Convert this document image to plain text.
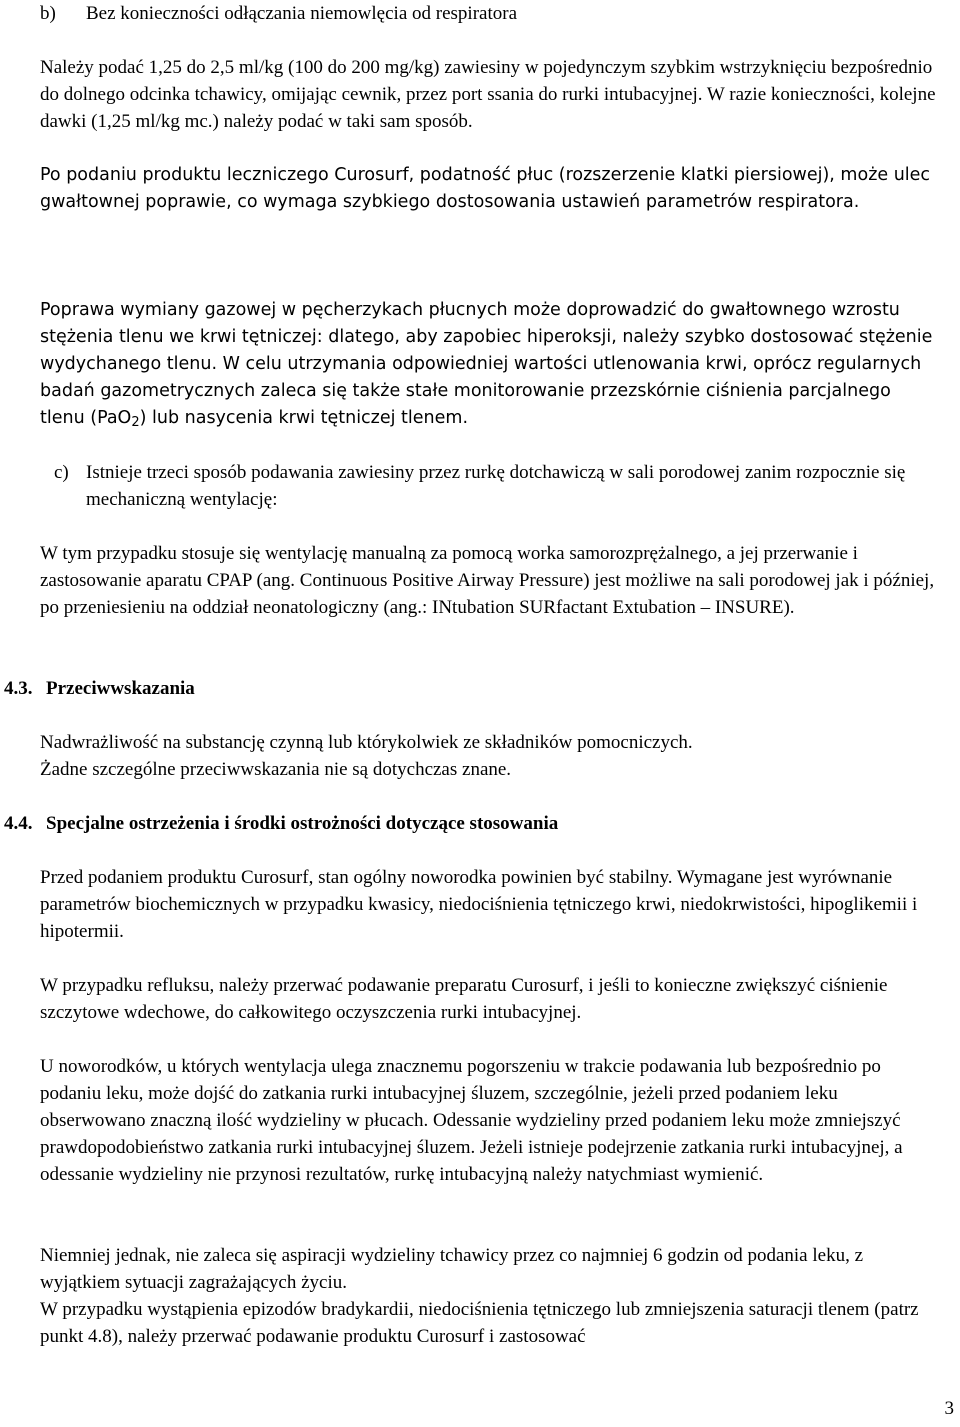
b) Bez konieczności odłączania niemowlęcia od respiratora

Należy podać 1,25 do 2,5 ml/kg (100 do 200 mg/kg) zawiesiny w pojedynczym szybkim wstrzyknięciu bezpośrednio do dolnego odcinka tchawicy, omijając cewnik, przez port ssania do rurki intubacyjnej. W razie konieczności, kolejne dawki (1,25 ml/kg mc.) należy podać w taki sam sposób.

Po podaniu produktu leczniczego Curosurf, podatność płuc (rozszerzenie klatki piersiowej), może ulec gwałtownej poprawie, co wymaga szybkiego dostosowania ustawień parametrów respiratora.

Poprawa wymiany gazowej w pęcherzykach płucnych może doprowadzić do gwałtownego wzrostu stężenia tlenu we krwi tętniczej: dlatego, aby zapobiec hiperoksji, należy szybko dostosować stężenie wydychanego tlenu. W celu utrzymania odpowiedniej wartości utlenowania krwi, oprócz regularnych badań gazometrycznych zaleca się także stałe monitorowanie przezskórnie ciśnienia parcjalnego tlenu (PaO$_2$) lub nasycenia krwi tętniczej tlenem.

c) Istnieje trzeci sposób podawania zawiesiny przez rurkę dotchawiczą w sali porodowej zanim rozpocznie się mechaniczną wentylację:

W tym przypadku stosuje się wentylację manualną za pomocą worka samorozprężalnego, a jej przerwanie i zastosowanie aparatu CPAP (ang. Continuous Positive Airway Pressure) jest możliwe na sali porodowej jak i później, po przeniesieniu na oddział neonatologiczny (ang.: INtubation SURfactant Extubation – INSURE).

4.3. Przeciwwskazania

Nadwrażliwość na substancję czynną lub którykolwiek ze składników pomocniczych.

Żadne szczególne przeciwwskazania nie są dotychczas znane.

4.4. Specjalne ostrzeżenia i środki ostrożności dotyczące stosowania

Przed podaniem produktu Curosurf, stan ogólny noworodka powinien być stabilny. Wymagane jest wyrównanie parametrów biochemicznych w przypadku kwasicy, niedociśnienia tętniczego krwi, niedokrwistości, hipoglikemii i hipotermii.

W przypadku refluksu, należy przerwać podawanie preparatu Curosurf, i jeśli to konieczne zwiększyć ciśnienie szczytowe wdechowe, do całkowitego oczyszczenia rurki intubacyjnej.

U noworodków, u których wentylacja ulega znacznemu pogorszeniu w trakcie podawania lub bezpośrednio po podaniu leku, może dojść do zatkania rurki intubacyjnej śluzem, szczególnie, jeżeli przed podaniem leku obserwowano znaczną ilość wydzieliny w płucach. Odessanie wydzieliny przed podaniem leku może zmniejszyć prawdopodobieństwo zatkania rurki intubacyjnej śluzem. Jeżeli istnieje podejrzenie zatkania rurki intubacyjnej, a odessanie wydzieliny nie przynosi rezultatów, rurkę intubacyjną należy natychmiast wymienić.

Niemniej jednak, nie zaleca się aspiracji wydzieliny tchawicy przez co najmniej 6 godzin od podania leku, z wyjątkiem sytuacji zagrażających życiu.

W przypadku wystąpienia epizodów bradykardii, niedociśnienia tętniczego lub zmniejszenia saturacji tlenem (patrz punkt 4.8), należy przerwać podawanie produktu Curosurf i zastosować

3
